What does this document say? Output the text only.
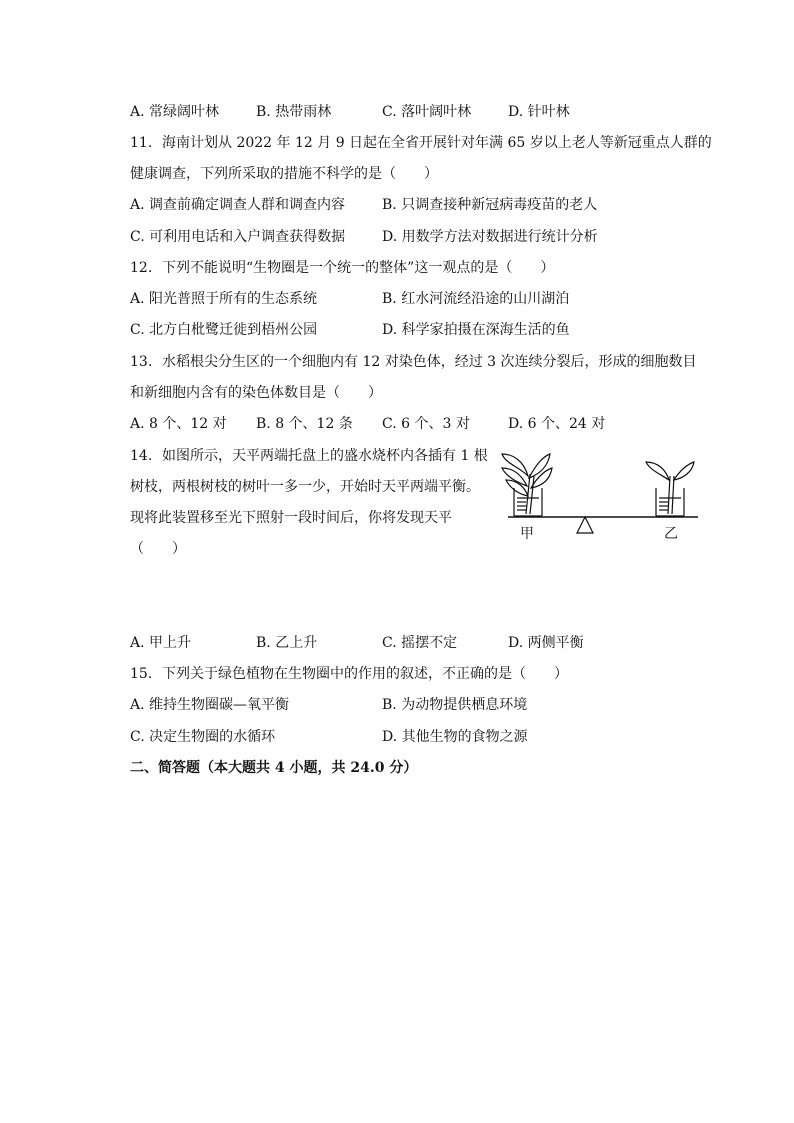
A. 常绿阔叶林	B. 热带雨林	C. 落叶阔叶林	D. 针叶林
11. 海南计划从 2022 年 12 月 9 日起在全省开展针对年满 65 岁以上老人等新冠重点人群的
健康调查，下列所采取的措施不科学的是（　　）
A. 调查前确定调查人群和调查内容	B. 只调查接种新冠病毒疫苗的老人
C. 可利用电话和入户调查获得数据	D. 用数学方法对数据进行统计分析
12. 下列不能说明“生物圈是一个统一的整体”这一观点的是（　　）
A. 阳光普照于所有的生态系统	B. 红水河流经沿途的山川湖泊
C. 北方白枇鹭迁徙到梧州公园	D. 科学家拍摄在深海生活的鱼
13. 水稻根尖分生区的一个细胞内有 12 对染色体，经过 3 次连续分裂后，形成的细胞数目
和新细胞内含有的染色体数目是（　　）
A. 8 个、12 对 B. 8 个、12 条 C. 6 个、3 对	D. 6 个、24 对
14. 如图所示，天平两端托盘上的盛水烧杯内各插有 1 根
树枝，两根树枝的树叶一多一少，开始时天平两端平衡。
现将此装置移至光下照射一段时间后，你将发现天平
（　　）
甲	乙
A. 甲上升	B. 乙上升	C. 摇摆不定	D. 两侧平衡
15. 下列关于绿色植物在生物圈中的作用的叙述，不正确的是（　　）
A. 维持生物圈碳—氧平衡	B. 为动物提供栖息环境
C. 决定生物圈的水循环	D. 其他生物的食物之源
二、简答题（本大题共 4 小题，共 24.0 分）
